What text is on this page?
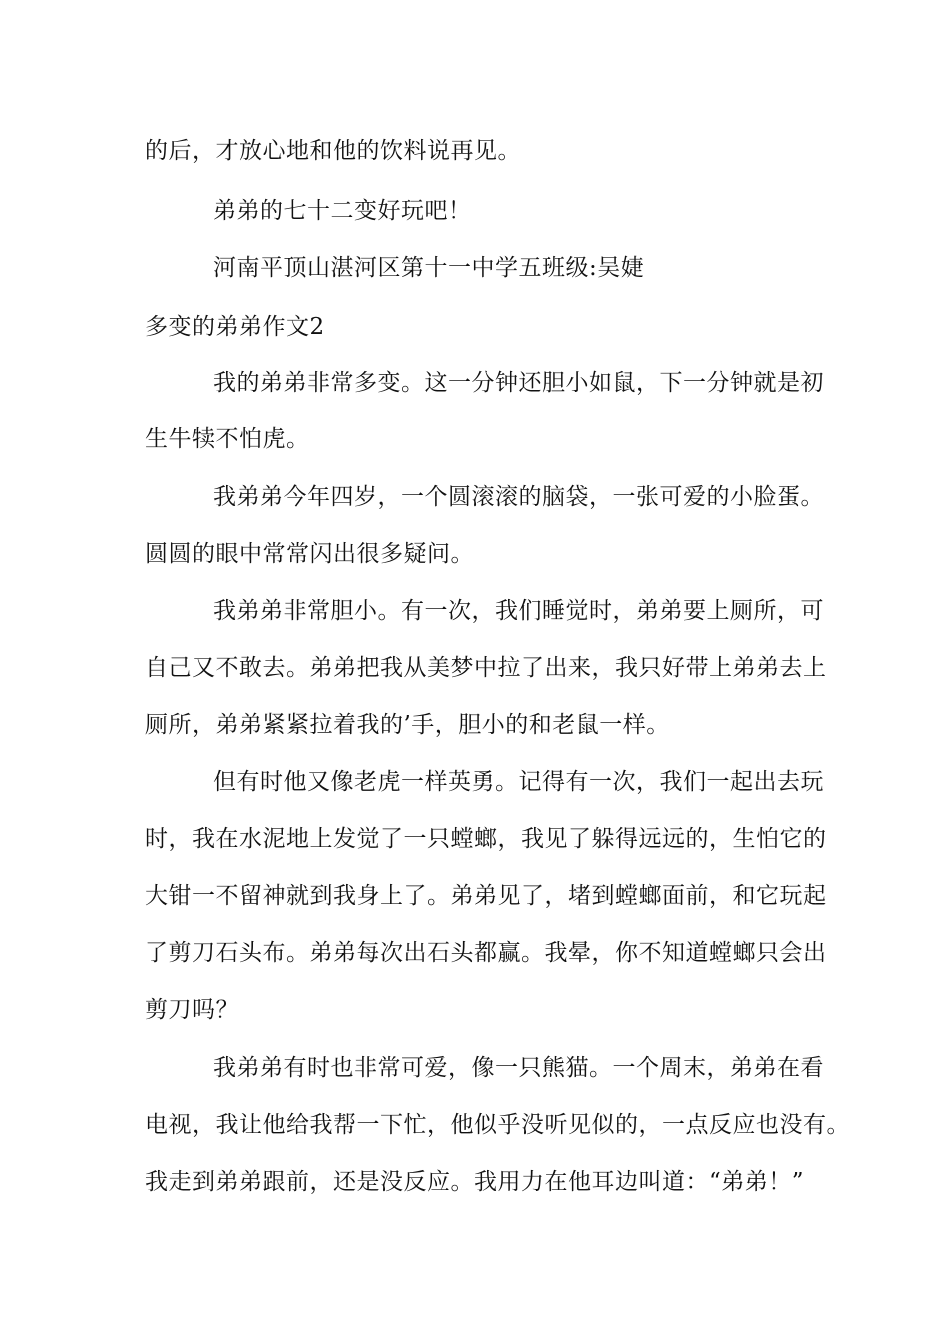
的后，才放心地和他的饮料说再见。
弟弟的七十二变好玩吧！
河南平顶山湛河区第十一中学五班级:吴婕
多变的弟弟作文2
我的弟弟非常多变。这一分钟还胆小如鼠，下一分钟就是初
生牛犊不怕虎。
我弟弟今年四岁，一个圆滚滚的脑袋，一张可爱的小脸蛋。
圆圆的眼中常常闪出很多疑问。
我弟弟非常胆小。有一次，我们睡觉时，弟弟要上厕所，可
自己又不敢去。弟弟把我从美梦中拉了出来，我只好带上弟弟去上
厕所，弟弟紧紧拉着我的’手，胆小的和老鼠一样。
但有时他又像老虎一样英勇。记得有一次，我们一起出去玩
时，我在水泥地上发觉了一只螳螂，我见了躲得远远的，生怕它的
大钳一不留神就到我身上了。弟弟见了，堵到螳螂面前，和它玩起
了剪刀石头布。弟弟每次出石头都赢。我晕，你不知道螳螂只会出
剪刀吗？
我弟弟有时也非常可爱，像一只熊猫。一个周末，弟弟在看
电视，我让他给我帮一下忙，他似乎没听见似的，一点反应也没有。
我走到弟弟跟前，还是没反应。我用力在他耳边叫道：“弟弟！”
